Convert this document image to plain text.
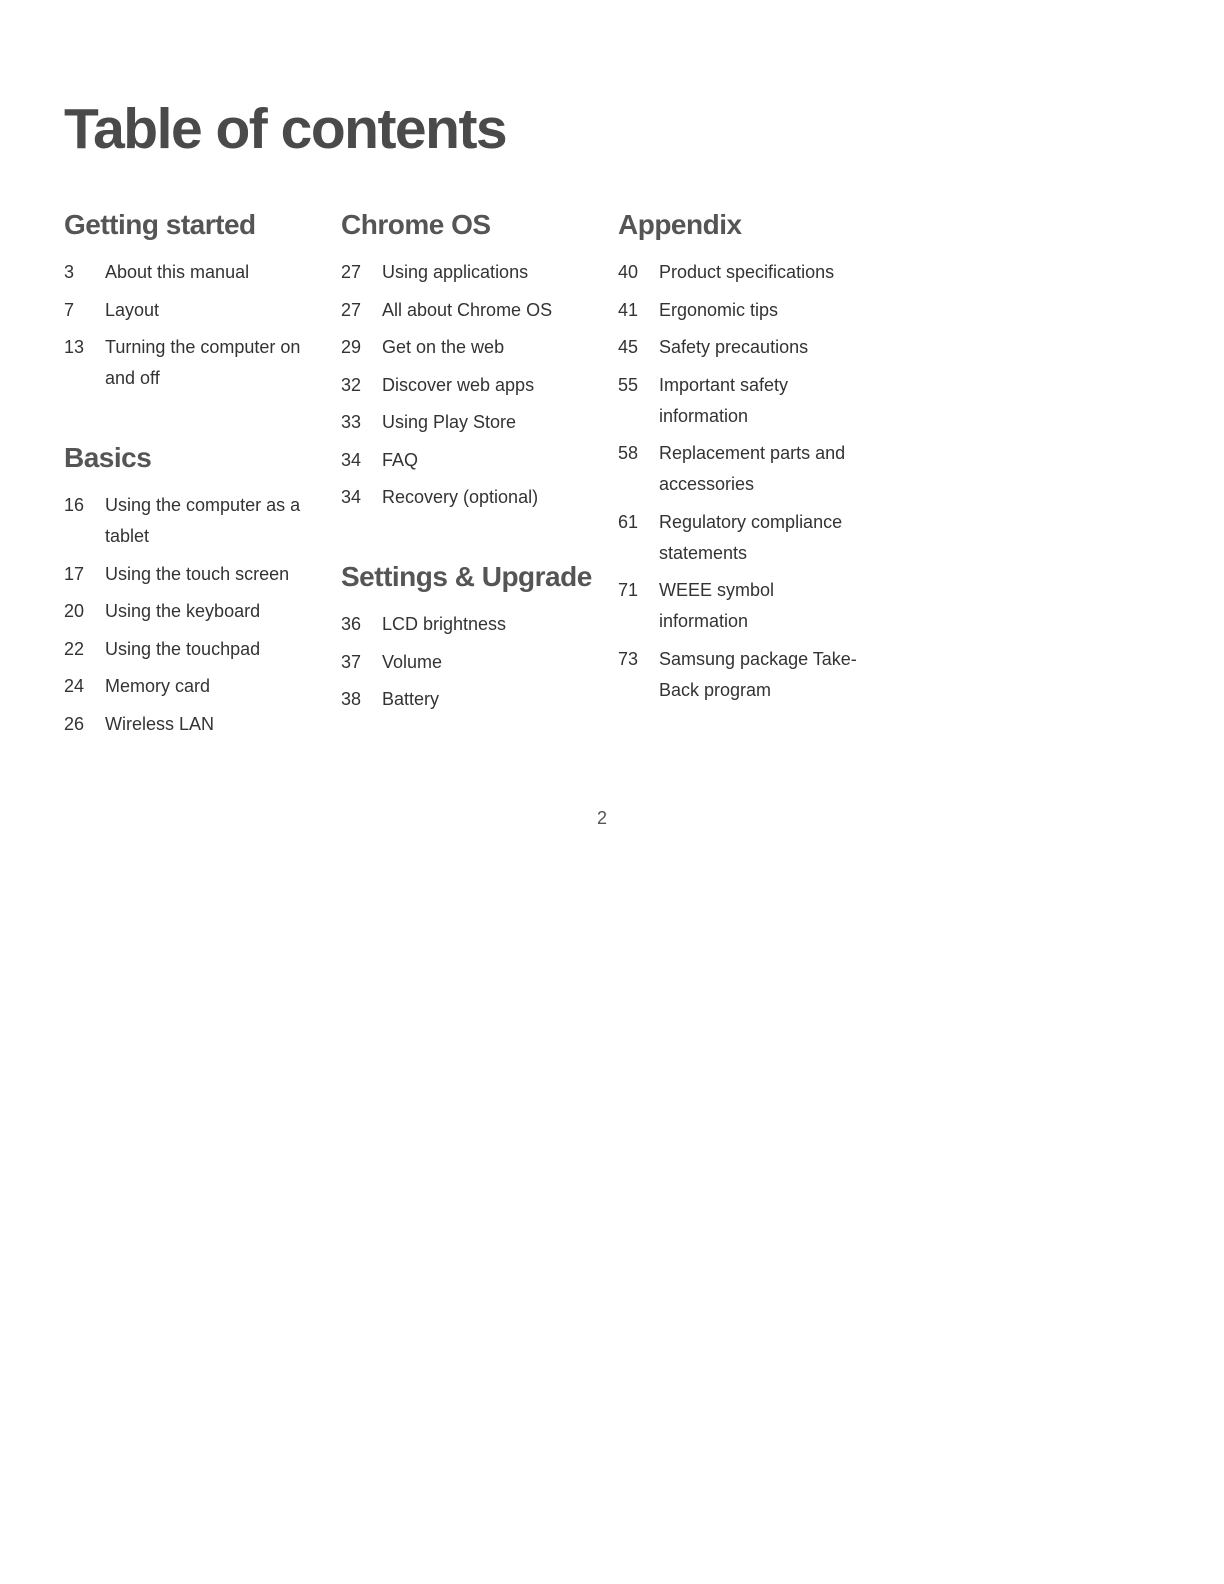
Table of contents
Getting started
3	About this manual
7	Layout
13	Turning the computer on and off
Basics
16	Using the computer as a tablet
17	Using the touch screen
20	Using the keyboard
22	Using the touchpad
24	Memory card
26	Wireless LAN
Chrome OS
27	Using applications
27	All about Chrome OS
29	Get on the web
32	Discover web apps
33	Using Play Store
34	FAQ
34	Recovery (optional)
Settings & Upgrade
36	LCD brightness
37	Volume
38	Battery
Appendix
40	Product specifications
41	Ergonomic tips
45	Safety precautions
55	Important safety information
58	Replacement parts and accessories
61	Regulatory compliance statements
71	WEEE symbol information
73	Samsung package Take-Back program
2
